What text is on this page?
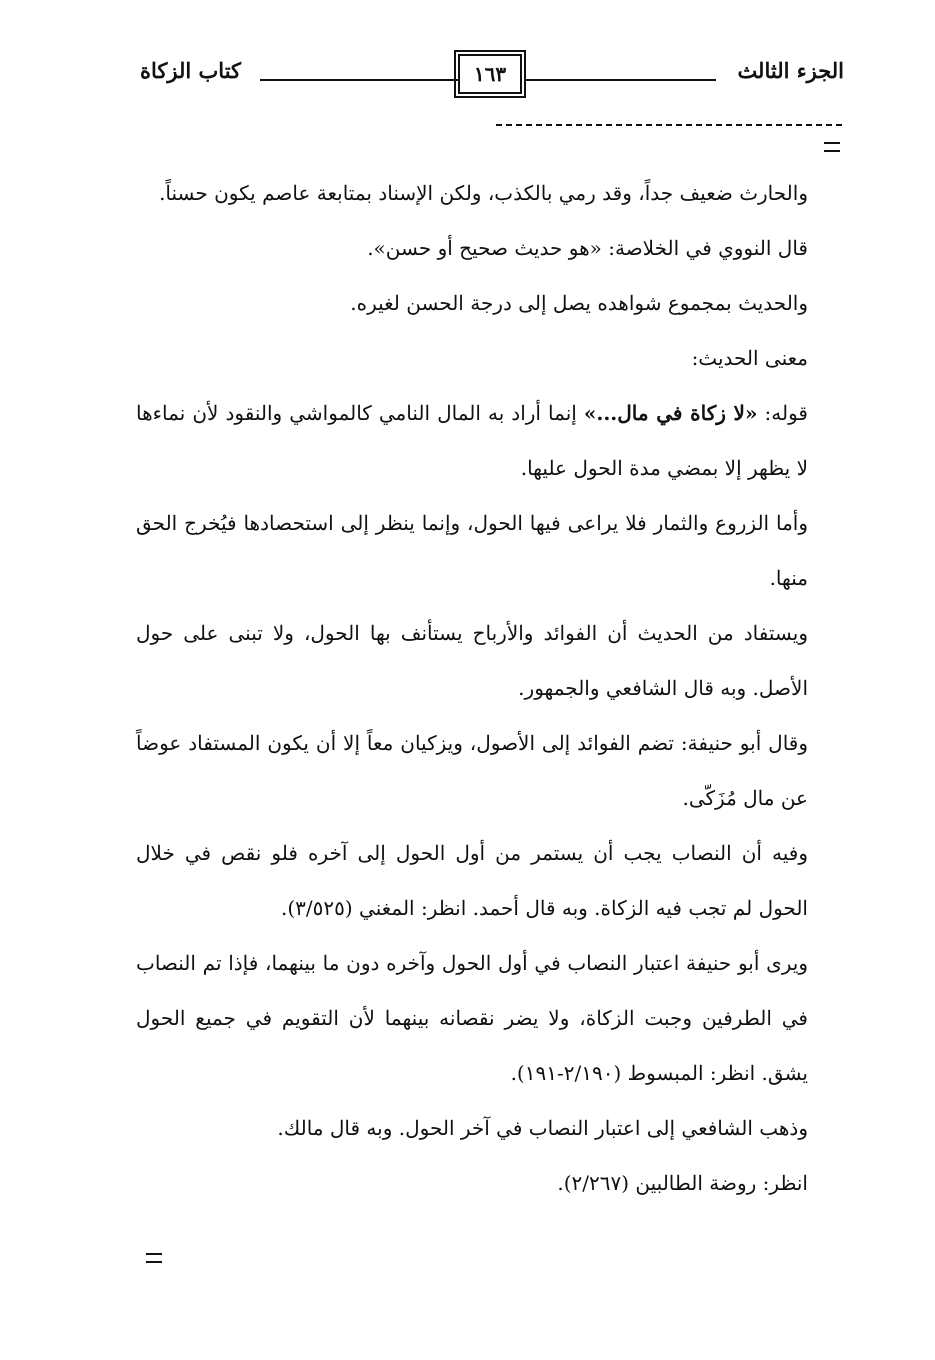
الجزء الثالث
١٦٣
كتاب الزكاة

والحارث ضعيف جداً، وقد رمي بالكذب، ولكن الإسناد بمتابعة عاصم يكون حسناً.

قال النووي في الخلاصة: «هو حديث صحيح أو حسن».

والحديث بمجموع شواهده يصل إلى درجة الحسن لغيره.

معنى الحديث:

قوله: «لا زكاة في مال...» إنما أراد به المال النامي كالمواشي والنقود لأن نماءها لا يظهر إلا بمضي مدة الحول عليها.

وأما الزروع والثمار فلا يراعى فيها الحول، وإنما ينظر إلى استحصادها فيُخرج الحق منها.

ويستفاد من الحديث أن الفوائد والأرباح يستأنف بها الحول، ولا تبنى على حول الأصل. وبه قال الشافعي والجمهور.

وقال أبو حنيفة: تضم الفوائد إلى الأصول، ويزكيان معاً إلا أن يكون المستفاد عوضاً عن مال مُزَكّى.

وفيه أن النصاب يجب أن يستمر من أول الحول إلى آخره فلو نقص في خلال الحول لم تجب فيه الزكاة. وبه قال أحمد. انظر: المغني (٣/٥٢٥).

ويرى أبو حنيفة اعتبار النصاب في أول الحول وآخره دون ما بينهما، فإذا تم النصاب في الطرفين وجبت الزكاة، ولا يضر نقصانه بينهما لأن التقويم في جميع الحول يشق. انظر: المبسوط (٢/١٩٠-١٩١).

وذهب الشافعي إلى اعتبار النصاب في آخر الحول. وبه قال مالك.

انظر: روضة الطالبين (٢/٢٦٧).
